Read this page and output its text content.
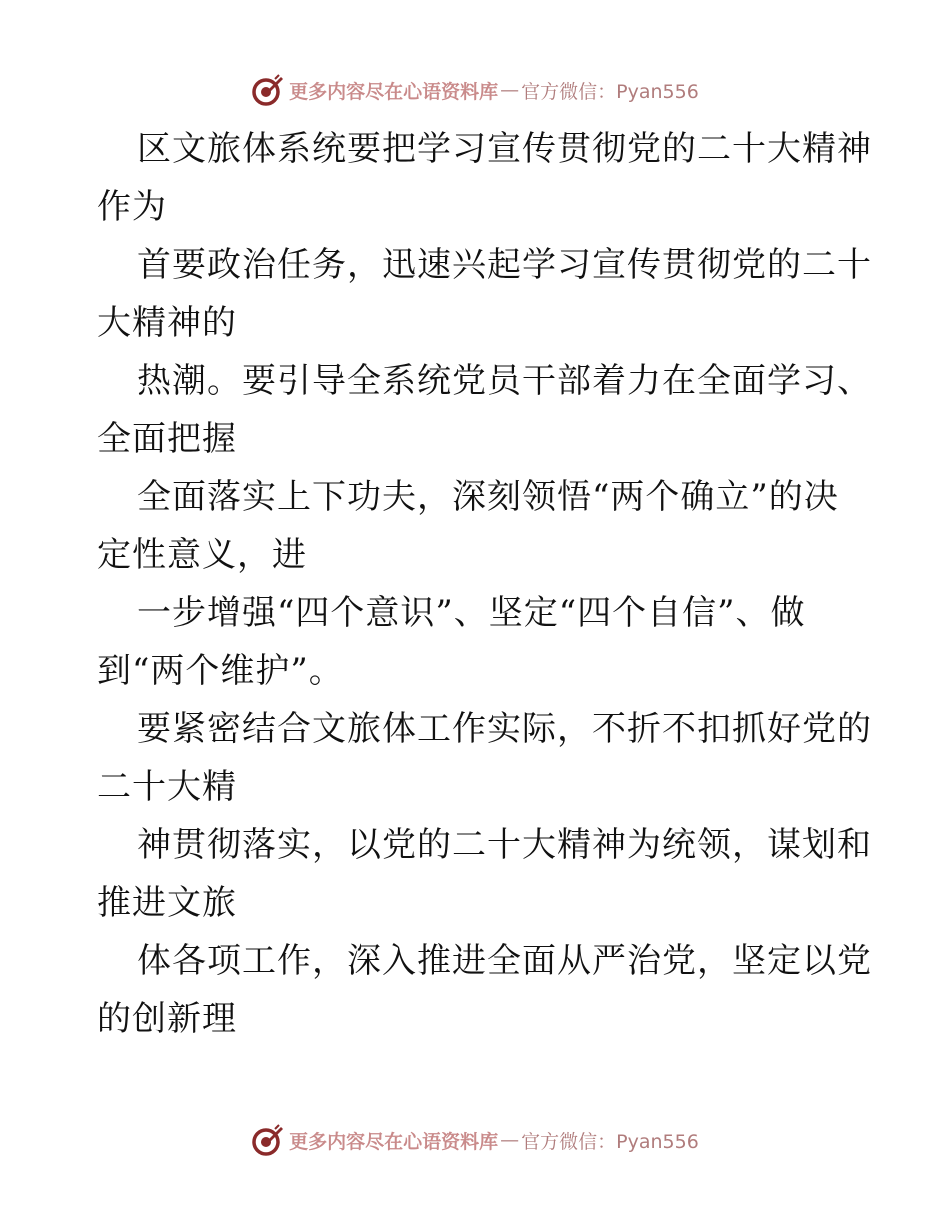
更多内容尽在心语资料库 — 官方微信：Pyan556
区文旅体系统要把学习宣传贯彻党的二十大精神
作为
首要政治任务，迅速兴起学习宣传贯彻党的二十
大精神的
热潮。要引导全系统党员干部着力在全面学习、
全面把握
全面落实上下功夫，深刻领悟“两个确立”的决
定性意义，进
一步增强“四个意识”、坚定“四个自信”、做
到“两个维护”。
要紧密结合文旅体工作实际，不折不扣抓好党的
二十大精
神贯彻落实，以党的二十大精神为统领，谋划和
推进文旅
体各项工作，深入推进全面从严治党，坚定以党
的创新理
更多内容尽在心语资料库 — 官方微信：Pyan556
